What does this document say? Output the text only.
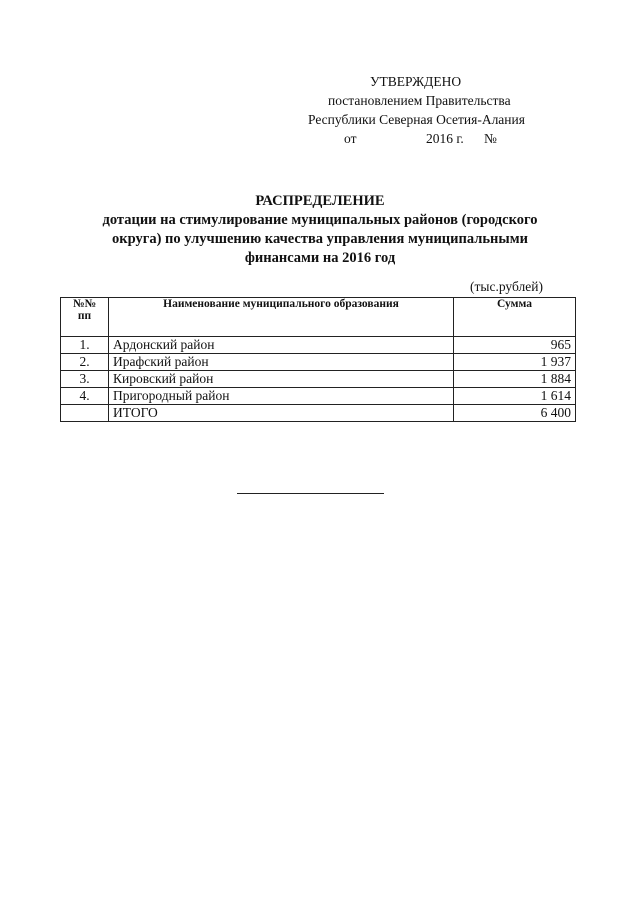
УТВЕРЖДЕНО
постановлением Правительства
Республики Северная Осетия-Алания
от	2016 г. №
РАСПРЕДЕЛЕНИЕ
дотации на стимулирование муниципальных районов (городского
округа) по улучшению качества управления муниципальными
финансами на 2016 год
(тыс.рублей)
№№ пп	Наименование муниципального образования	Сумма
1.	Ардонский район	965
2.	Ирафский район	1 937
3.	Кировский район	1 884
4.	Пригородный район	1 614
	ИТОГО	6 400
